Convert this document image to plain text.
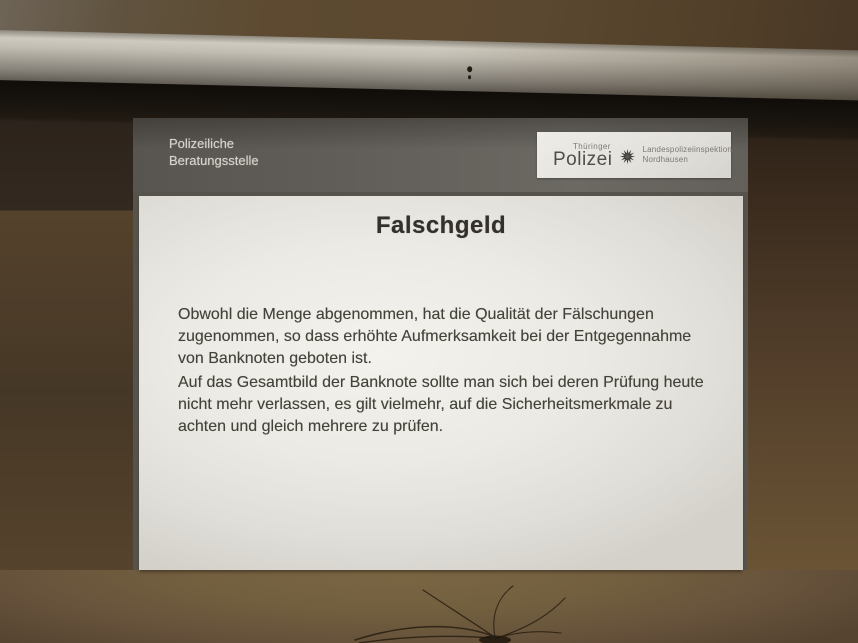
Polizeiliche
Beratungsstelle
Thüringer
Polizei	Landespolizeiinspektion
Nordhausen
Falschgeld
Obwohl die Menge abgenommen, hat die Qualität der Fälschungen
zugenommen, so dass erhöhte Aufmerksamkeit bei der Entgegennahme
von Banknoten geboten ist.
Auf das Gesamtbild der Banknote sollte man sich bei deren Prüfung heute
nicht mehr verlassen, es gilt vielmehr, auf die Sicherheitsmerkmale zu
achten und gleich mehrere zu prüfen.
